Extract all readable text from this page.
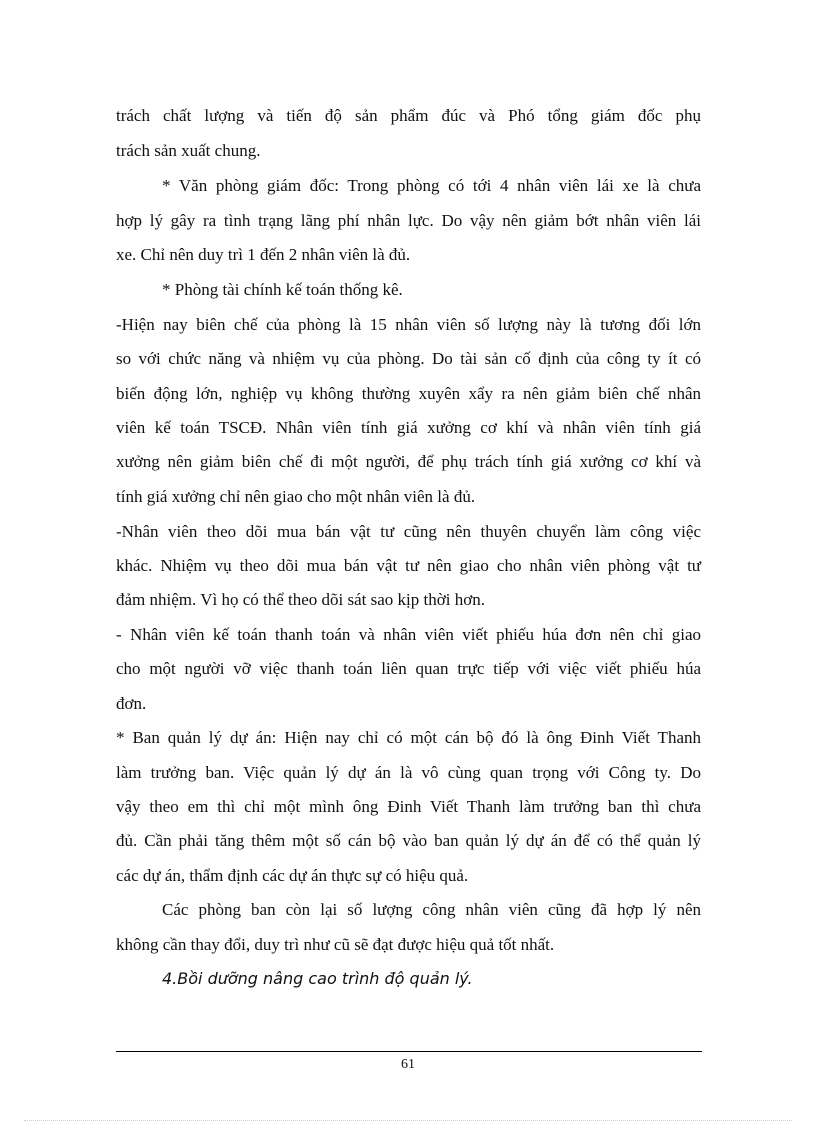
trách chất lượng và tiến độ sản phẩm đúc và Phó tổng giám đốc phụ
trách sản xuất chung.
* Văn phòng giám đốc: Trong phòng có tới 4 nhân viên lái xe là chưa
hợp lý gây ra tình trạng lãng phí nhân lực. Do vậy nên giảm bớt nhân viên lái
xe. Chỉ nên duy trì 1 đến 2 nhân viên là đủ.
* Phòng tài chính kế toán thống kê.
-Hiện nay biên chế của phòng là 15 nhân viên số lượng này là tương đối lớn
so với chức năng và nhiệm vụ của phòng. Do tài sản cố định của công ty ít có
biến động lớn, nghiệp vụ không thường xuyên xẩy ra nên giảm biên chế nhân
viên kế toán TSCĐ. Nhân viên tính giá xưởng cơ khí và nhân viên tính giá
xưởng nên giảm biên chế đi một người, để phụ trách tính giá xưởng cơ khí và
tính giá xưởng chỉ nên giao cho một nhân viên là đủ.
-Nhân viên theo dõi mua bán vật tư cũng nên thuyên chuyển làm công việc
khác. Nhiệm vụ theo dõi mua bán vật tư nên giao cho nhân viên phòng vật tư
đảm nhiệm. Vì họ có thể theo dõi sát sao kịp thời hơn.
- Nhân viên kế toán thanh toán và nhân viên viết phiếu húa đơn nên chỉ giao
cho một người vỡ việc thanh toán liên quan trực tiếp với việc viết phiếu húa
đơn.
* Ban quản lý dự án: Hiện nay chỉ có một cán bộ đó là ông Đinh Viết Thanh
làm trưởng ban. Việc quản lý dự án là vô cùng quan trọng với Công ty. Do
vậy theo em thì chỉ một mình ông Đinh Viết Thanh làm trưởng ban thì chưa
đủ. Cần phải tăng thêm một số cán bộ vào ban quản lý dự án để có thể quản lý
các dự án, thẩm định các dự án thực sự có hiệu quả.
Các phòng ban còn lại số lượng công nhân viên cũng đã hợp lý nên
không cần thay đổi, duy trì như cũ sẽ đạt được hiệu quả tốt nhất.
4.Bồi dưỡng nâng cao trình độ quản lý.
61
